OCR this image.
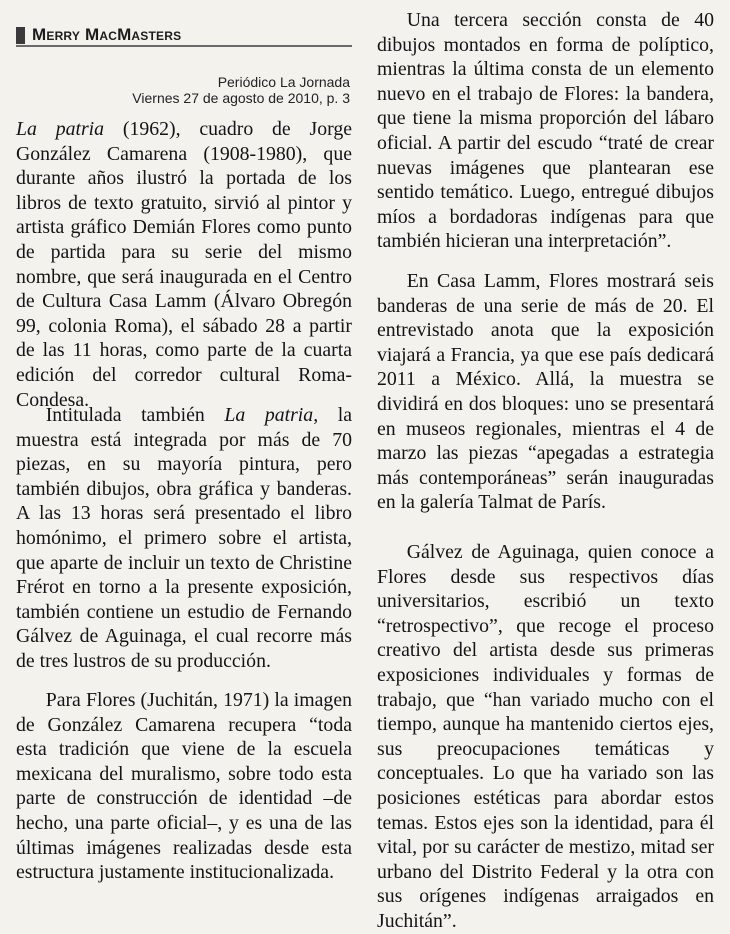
Merry MacMasters
Periódico La Jornada
Viernes 27 de agosto de 2010, p. 3

La patria (1962), cuadro de Jorge González Camarena (1908-1980), que durante años ilustró la portada de los libros de texto gratuito, sirvió al pintor y artista gráfico Demián Flores como punto de partida para su serie del mismo nombre, que será inaugurada en el Centro de Cultura Casa Lamm (Álvaro Obregón 99, colonia Roma), el sábado 28 a partir de las 11 horas, como parte de la cuarta edición del corredor cultural Roma-Condesa.

Intitulada también La patria, la muestra está integrada por más de 70 piezas, en su mayoría pintura, pero también dibujos, obra gráfica y banderas. A las 13 horas será presentado el libro homónimo, el primero sobre el artista, que aparte de incluir un texto de Christine Frérot en torno a la presente exposición, también contiene un estudio de Fernando Gálvez de Aguinaga, el cual recorre más de tres lustros de su producción.

Para Flores (Juchitán, 1971) la imagen de González Camarena recupera “toda esta tradición que viene de la escuela mexicana del muralismo, sobre todo esta parte de construcción de identidad –de hecho, una parte oficial–, y es una de las últimas imágenes realizadas desde esta estructura justamente institucionalizada.

Una tercera sección consta de 40 dibujos montados en forma de políptico, mientras la última consta de un elemento nuevo en el trabajo de Flores: la bandera, que tiene la misma proporción del lábaro oficial. A partir del escudo “traté de crear nuevas imágenes que plantearan ese sentido temático. Luego, entregué dibujos míos a bordadoras indígenas para que también hicieran una interpretación”.

En Casa Lamm, Flores mostrará seis banderas de una serie de más de 20. El entrevistado anota que la exposición viajará a Francia, ya que ese país dedicará 2011 a México. Allá, la muestra se dividirá en dos bloques: uno se presentará en museos regionales, mientras el 4 de marzo las piezas “apegadas a estrategia más contemporáneas” serán inauguradas en la galería Talmat de París.

Gálvez de Aguinaga, quien conoce a Flores desde sus respectivos días universitarios, escribió un texto “retrospectivo”, que recoge el proceso creativo del artista desde sus primeras exposiciones individuales y formas de trabajo, que “han variado mucho con el tiempo, aunque ha mantenido ciertos ejes, sus preocupaciones temáticas y conceptuales. Lo que ha variado son las posiciones estéticas para abordar estos temas. Estos ejes son la identidad, para él vital, por su carácter de mestizo, mitad ser urbano del Distrito Federal y la otra con sus orígenes indígenas arraigados en Juchitán”.
